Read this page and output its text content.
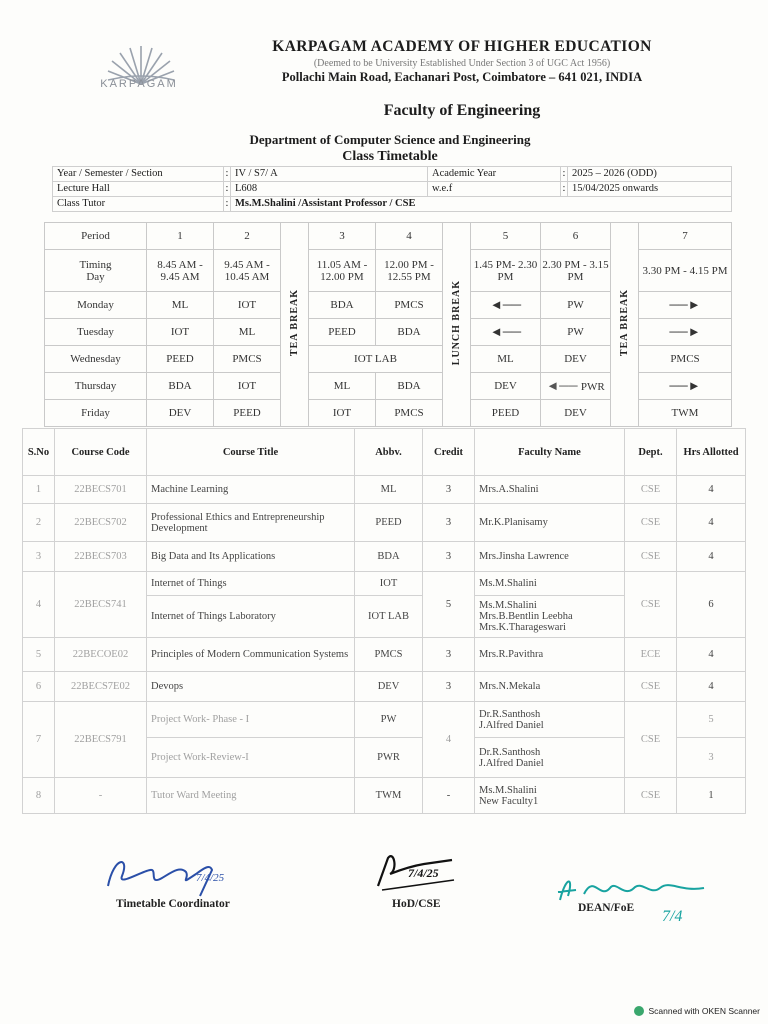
KARPAGAM
KARPAGAM ACADEMY OF HIGHER EDUCATION
(Deemed to be University Established Under Section 3 of UGC Act 1956)
Pollachi Main Road, Eachanari Post, Coimbatore – 641 021, INDIA
Faculty of Engineering
Department of Computer Science and Engineering
Class Timetable
Year / Semester / Section	:	IV / S7/ A	Academic Year	:	2025 – 2026 (ODD)
Lecture Hall	:	L608	w.e.f	:	15/04/2025 onwards
Class Tutor	:	Ms.M.Shalini /Assistant Professor / CSE			
Period	1	2	TEA BREAK	3	4	LUNCH BREAK	5	6	TEA BREAK	7

Timing
Day	8.45 AM - 9.45 AM	9.45 AM - 10.45 AM		11.05 AM - 12.00 PM	12.00 PM - 12.55 PM		1.45 PM- 2.30 PM	2.30 PM - 3.15 PM		3.30 PM - 4.15 PM
Monday	ML	IOT		BDA	PMCS		◄──	PW		──►
Tuesday	IOT	ML		PEED	BDA		◄──	PW		──►
Wednesday	PEED	PMCS		IOT LAB			ML	DEV		PMCS
Thursday	BDA	IOT		ML	BDA		DEV	◄── PWR		──►
Friday	DEV	PEED		IOT	PMCS		PEED	DEV		TWM
S.No	Course Code	Course Title	Abbv.	Credit	Faculty Name	Dept.	Hrs Allotted
1	22BECS701	Machine Learning	ML	3	Mrs.A.Shalini	CSE	4
2	22BECS702	Professional Ethics and Entrepreneurship Development	PEED	3	Mr.K.Planisamy	CSE	4
3	22BECS703	Big Data and Its Applications	BDA	3	Mrs.Jinsha Lawrence	CSE	4
4	22BECS741	Internet of Things	IOT	5	Ms.M.Shalini	CSE	6
		Internet of Things Laboratory	IOT LAB		Ms.M.Shalini
Mrs.B.Bentlin Leebha
Mrs.K.Tharageswari		

5	22BECOE02	Principles of Modern Communication Systems	PMCS	3	Mrs.R.Pavithra	ECE	4
6	22BECS7E02	Devops	DEV	3	Mrs.N.Mekala	CSE	4
7	22BECS791	Project Work- Phase - I	PW	4	Dr.R.Santhosh
J.Alfred Daniel	CSE	5
		Project Work-Review-I	PWR		Dr.R.Santhosh
J.Alfred Daniel		3
8	-	Tutor Ward Meeting	TWM	-	Ms.M.Shalini
New Faculty1	CSE	1
7/4/25
Timetable Coordinator
7/4/25
HoD/CSE	DEAN/FoE 7/4
Scanned with OKEN Scanner
